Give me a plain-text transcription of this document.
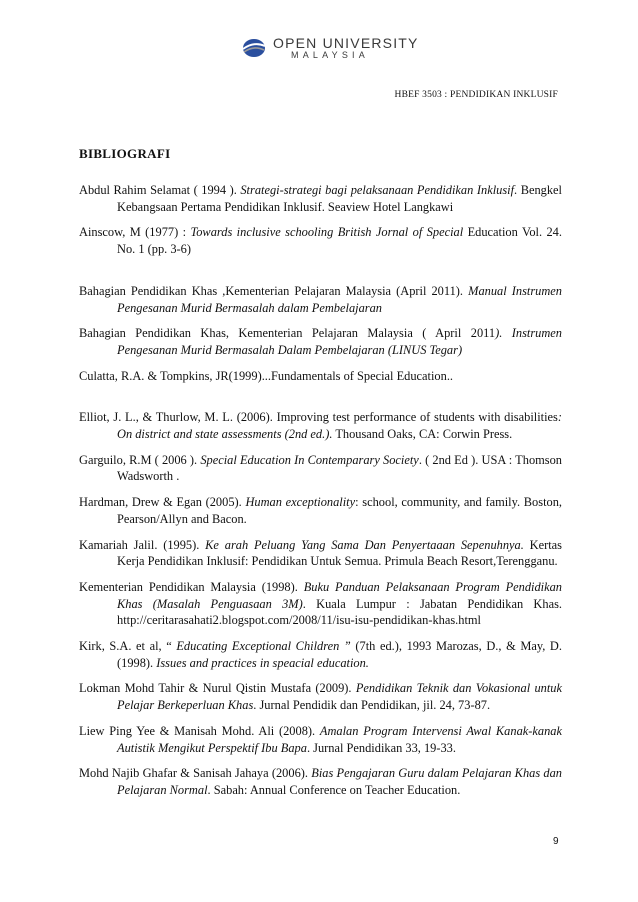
OPEN UNIVERSITY
MALAYSIA
HBEF 3503 : PENDIDIKAN INKLUSIF
BIBLIOGRAFI

Abdul Rahim Selamat ( 1994 ). Strategi-strategi bagi pelaksanaan Pendidikan Inklusif. Bengkel Kebangsaan Pertama Pendidikan Inklusif. Seaview Hotel Langkawi

Ainscow, M (1977) : Towards inclusive schooling British Jornal of Special Education Vol. 24. No. 1 (pp. 3-6)

Bahagian Pendidikan Khas ,Kementerian Pelajaran Malaysia (April 2011). Manual Instrumen Pengesanan Murid Bermasalah dalam Pembelajaran

Bahagian Pendidikan Khas, Kementerian Pelajaran Malaysia ( April 2011). Instrumen Pengesanan Murid Bermasalah Dalam Pembelajaran (LINUS Tegar)

Culatta, R.A. & Tompkins, JR(1999)...Fundamentals of Special Education..

Elliot, J. L., & Thurlow, M. L. (2006). Improving test performance of students with disabilities: On district and state assessments (2nd ed.). Thousand Oaks, CA: Corwin Press.

Garguilo, R.M ( 2006 ). Special Education In Contemparary Society. ( 2nd Ed ). USA : Thomson Wadsworth .

Hardman, Drew & Egan (2005). Human exceptionality: school, community, and family. Boston, Pearson/Allyn and Bacon.

Kamariah Jalil. (1995). Ke arah Peluang Yang Sama Dan Penyertaaan Sepenuhnya. Kertas Kerja Pendidikan Inklusif: Pendidikan Untuk Semua. Primula Beach Resort,Terengganu.

Kementerian Pendidikan Malaysia (1998). Buku Panduan Pelaksanaan Program Pendidikan Khas (Masalah Penguasaan 3M). Kuala Lumpur : Jabatan Pendidikan Khas. http://ceritarasahati2.blogspot.com/2008/11/isu-isu-pendidikan-khas.html

Kirk, S.A. et al, “ Educating Exceptional Children ” (7th ed.), 1993 Marozas, D., & May, D. (1998). Issues and practices in speacial education.

Lokman Mohd Tahir & Nurul Qistin Mustafa (2009). Pendidikan Teknik dan Vokasional untuk Pelajar Berkeperluan Khas. Jurnal Pendidik dan Pendidikan, jil. 24, 73-87.

Liew Ping Yee & Manisah Mohd. Ali (2008). Amalan Program Intervensi Awal Kanak-kanak Autistik Mengikut Perspektif Ibu Bapa. Jurnal Pendidikan 33, 19-33.

Mohd Najib Ghafar & Sanisah Jahaya (2006). Bias Pengajaran Guru dalam Pelajaran Khas dan Pelajaran Normal. Sabah: Annual Conference on Teacher Education.

9
